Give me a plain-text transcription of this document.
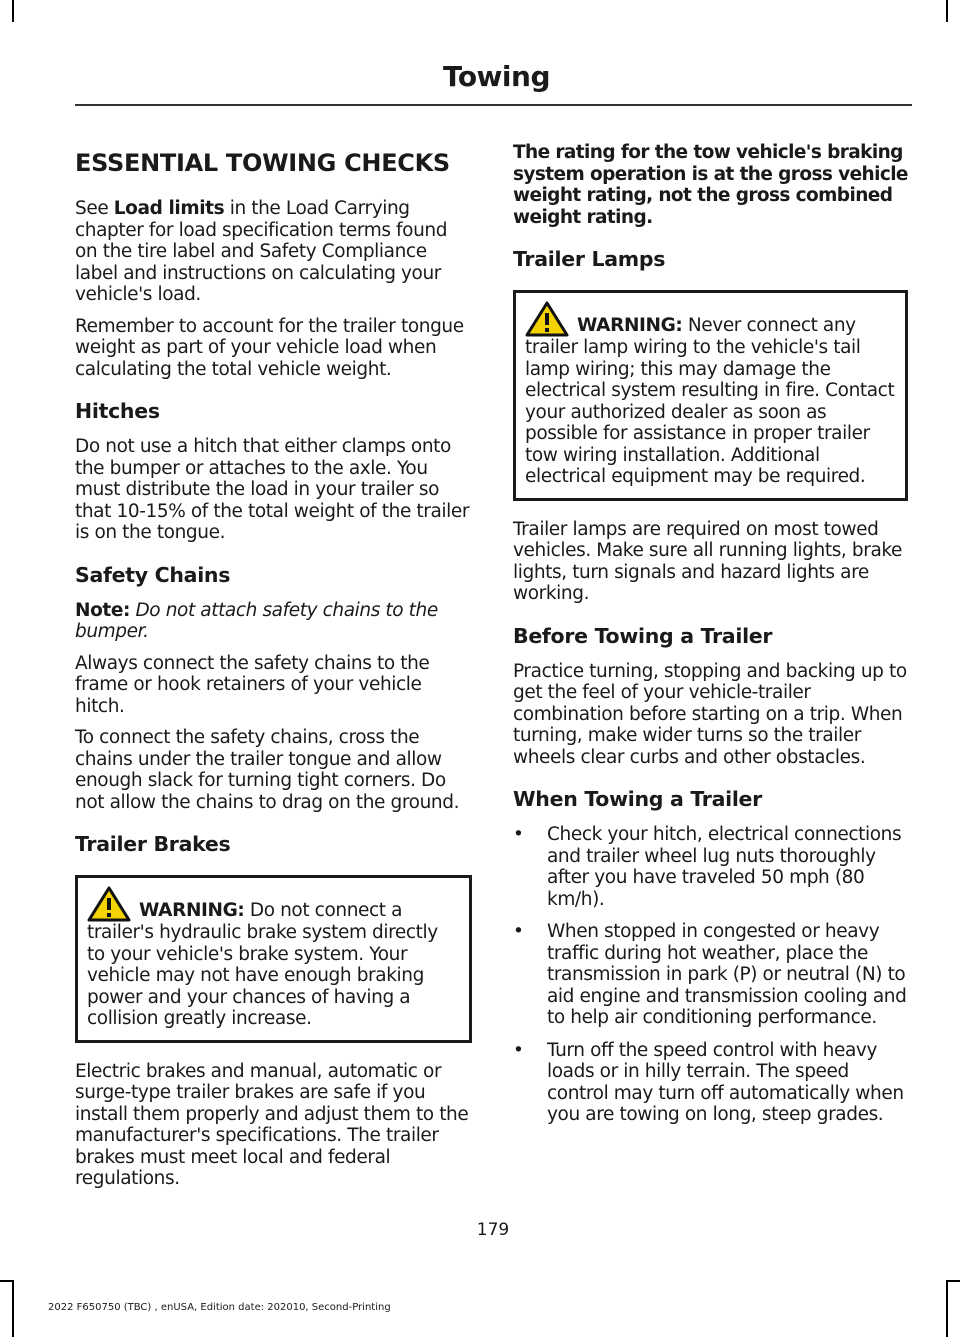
Towing
ESSENTIAL TOWING CHECKS

See Load limits in the Load Carrying chapter for load specification terms found on the tire label and Safety Compliance label and instructions on calculating your vehicle's load.

Remember to account for the trailer tongue weight as part of your vehicle load when calculating the total vehicle weight.

Hitches

Do not use a hitch that either clamps onto the bumper or attaches to the axle. You must distribute the load in your trailer so that 10-15% of the total weight of the trailer is on the tongue.

Safety Chains

Note: Do not attach safety chains to the bumper.

Always connect the safety chains to the frame or hook retainers of your vehicle hitch.

To connect the safety chains, cross the chains under the trailer tongue and allow enough slack for turning tight corners. Do not allow the chains to drag on the ground.

Trailer Brakes

WARNING: Do not connect a trailer's hydraulic brake system directly to your vehicle's brake system. Your vehicle may not have enough braking power and your chances of having a collision greatly increase.

Electric brakes and manual, automatic or surge-type trailer brakes are safe if you install them properly and adjust them to the manufacturer's specifications. The trailer brakes must meet local and federal regulations.

The rating for the tow vehicle's braking system operation is at the gross vehicle weight rating, not the gross combined weight rating.

Trailer Lamps

WARNING: Never connect any trailer lamp wiring to the vehicle's tail lamp wiring; this may damage the electrical system resulting in fire. Contact your authorized dealer as soon as possible for assistance in proper trailer tow wiring installation. Additional electrical equipment may be required.

Trailer lamps are required on most towed vehicles. Make sure all running lights, brake lights, turn signals and hazard lights are working.

Before Towing a Trailer

Practice turning, stopping and backing up to get the feel of your vehicle-trailer combination before starting on a trip. When turning, make wider turns so the trailer wheels clear curbs and other obstacles.

When Towing a Trailer
• Check your hitch, electrical connections and trailer wheel lug nuts thoroughly after you have traveled 50 mph (80 km/h).
• When stopped in congested or heavy traffic during hot weather, place the transmission in park (P) or neutral (N) to aid engine and transmission cooling and to help air conditioning performance.
• Turn off the speed control with heavy loads or in hilly terrain. The speed control may turn off automatically when you are towing on long, steep grades.
179
2022 F650750 (TBC) , enUSA, Edition date: 202010, Second-Printing
